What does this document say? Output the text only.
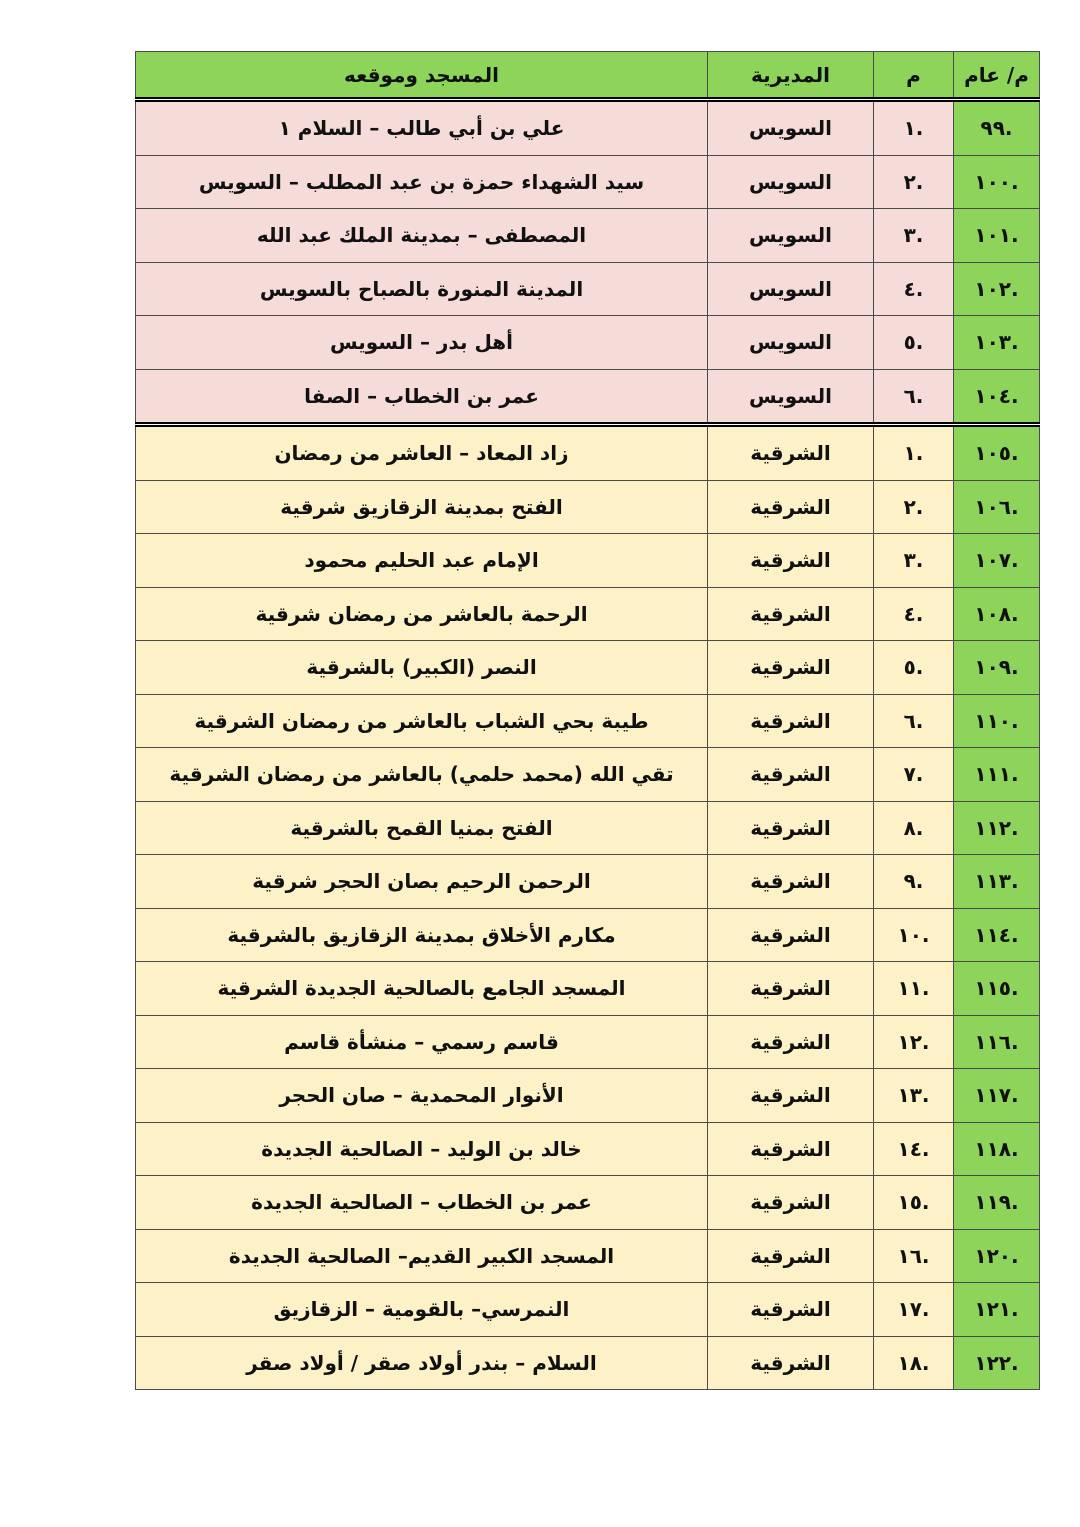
م/ عام	م	المديرية	المسجد وموقعه
.٩٩	.١	السويس	علي بن أبي طالب – السلام ١
.١٠٠	.٢	السويس	سيد الشهداء حمزة بن عبد المطلب – السويس
.١٠١	.٣	السويس	المصطفى – بمدينة الملك عبد الله
.١٠٢	.٤	السويس	المدينة المنورة بالصباح بالسويس
.١٠٣	.٥	السويس	أهل بدر – السويس
.١٠٤	.٦	السويس	عمر بن الخطاب – الصفا
.١٠٥	.١	الشرقية	زاد المعاد – العاشر من رمضان
.١٠٦	.٢	الشرقية	الفتح بمدينة الزقازيق شرقية
.١٠٧	.٣	الشرقية	الإمام عبد الحليم محمود
.١٠٨	.٤	الشرقية	الرحمة بالعاشر من رمضان شرقية
.١٠٩	.٥	الشرقية	النصر (الكبير) بالشرقية
.١١٠	.٦	الشرقية	طيبة بحي الشباب بالعاشر من رمضان الشرقية
.١١١	.٧	الشرقية	تقي الله (محمد حلمي) بالعاشر من رمضان الشرقية
.١١٢	.٨	الشرقية	الفتح بمنيا القمح بالشرقية
.١١٣	.٩	الشرقية	الرحمن الرحيم بصان الحجر شرقية
.١١٤	.١٠	الشرقية	مكارم الأخلاق بمدينة الزقازيق بالشرقية
.١١٥	.١١	الشرقية	المسجد الجامع بالصالحية الجديدة الشرقية
.١١٦	.١٢	الشرقية	قاسم رسمي – منشأة قاسم
.١١٧	.١٣	الشرقية	الأنوار المحمدية – صان الحجر
.١١٨	.١٤	الشرقية	خالد بن الوليد – الصالحية الجديدة
.١١٩	.١٥	الشرقية	عمر بن الخطاب – الصالحية الجديدة
.١٢٠	.١٦	الشرقية	المسجد الكبير القديم– الصالحية الجديدة
.١٢١	.١٧	الشرقية	النمرسي– بالقومية – الزقازيق
.١٢٢	.١٨	الشرقية	السلام – بندر أولاد صقر / أولاد صقر
